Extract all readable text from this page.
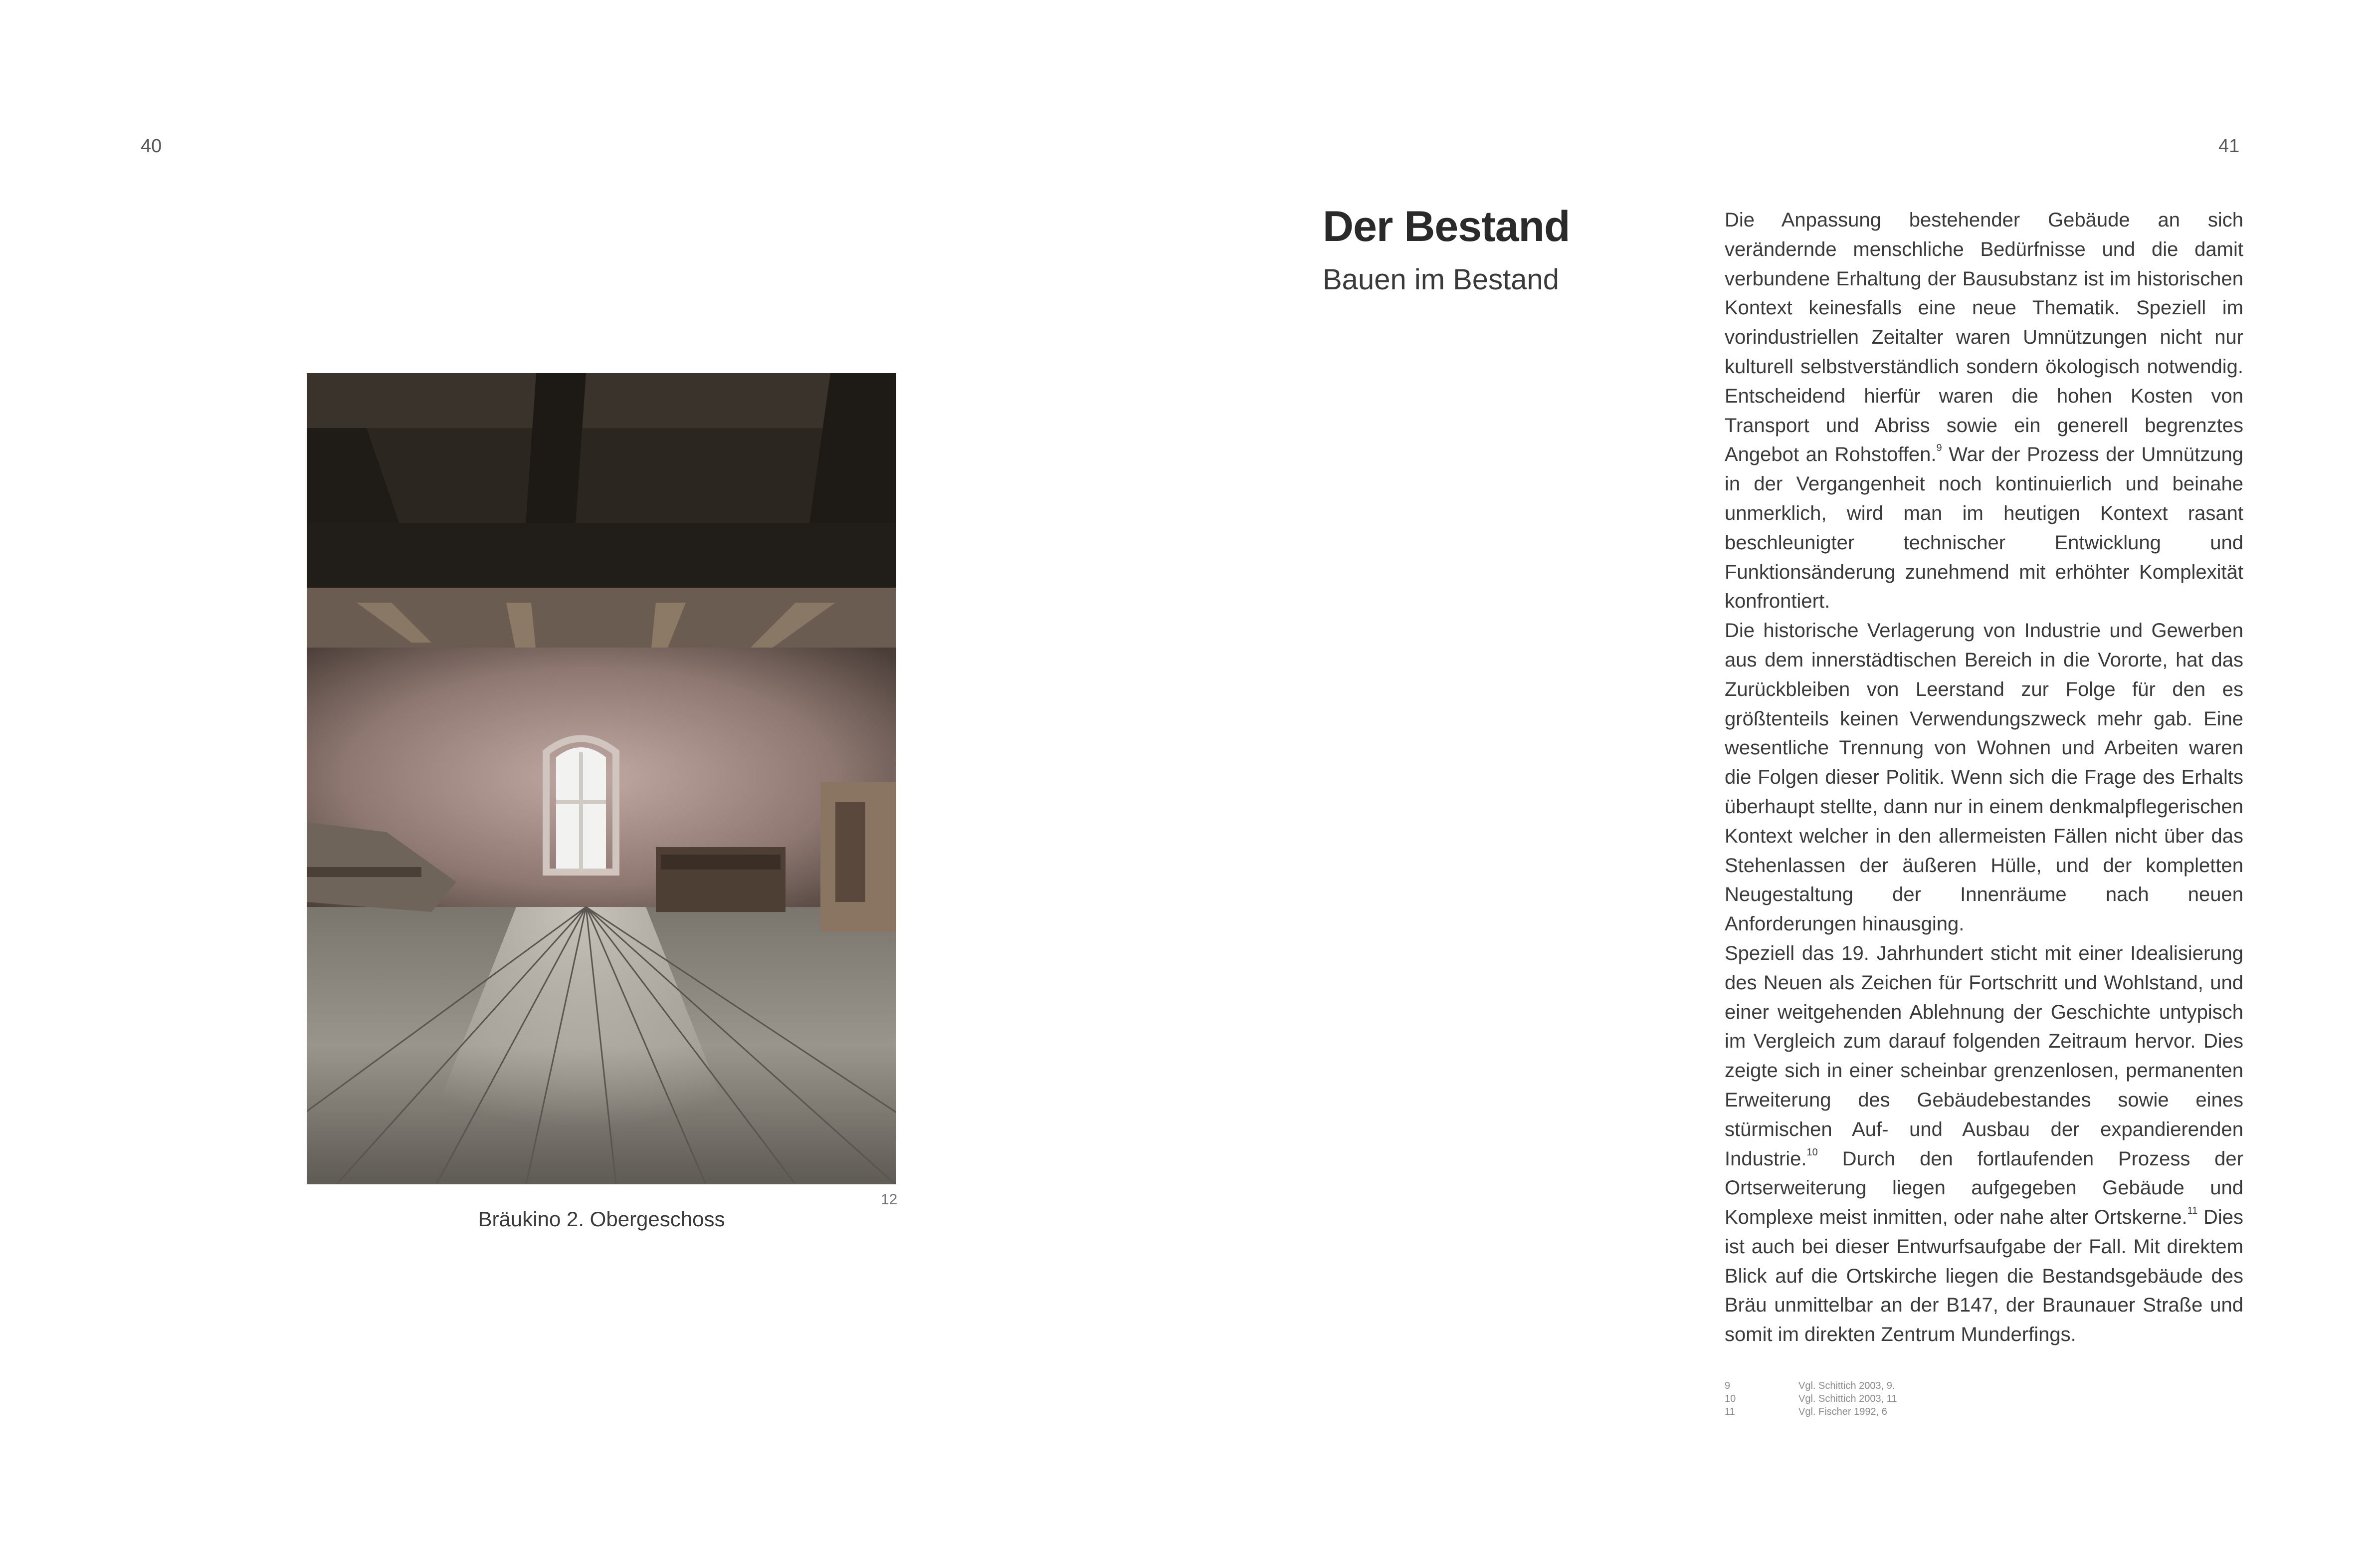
40	41
12
Bräukino 2. Obergeschoss
Der Bestand
Bauen im Bestand

Die Anpassung bestehender Gebäude an sich verändernde menschliche Bedürfnisse und die damit verbundene Erhaltung der Bausubstanz ist im historischen Kontext keinesfalls eine neue Thematik. Speziell im vorindustriellen Zeitalter waren Umnützungen nicht nur kulturell selbstverständlich sondern ökologisch notwendig. Entscheidend hierfür waren die hohen Kosten von Transport und Abriss sowie ein generell begrenztes Angebot an Rohstoffen.$^9$ War der Prozess der Umnützung in der Vergangenheit noch kontinuierlich und beinahe unmerklich, wird man im heutigen Kontext rasant beschleunigter technischer Entwicklung und Funktionsänderung zunehmend mit erhöhter Komplexität konfrontiert.

Die historische Verlagerung von Industrie und Gewerben aus dem innerstädtischen Bereich in die Vororte, hat das Zurückbleiben von Leerstand zur Folge für den es größtenteils keinen Verwendungszweck mehr gab. Eine wesentliche Trennung von Wohnen und Arbeiten waren die Folgen dieser Politik. Wenn sich die Frage des Erhalts überhaupt stellte, dann nur in einem denkmalpflegerischen Kontext welcher in den allermeisten Fällen nicht über das Stehenlassen der äußeren Hülle, und der kompletten Neugestaltung der Innenräume nach neuen Anforderungen hinausging.

Speziell das 19. Jahrhundert sticht mit einer Idealisierung des Neuen als Zeichen für Fortschritt und Wohlstand, und einer weitgehenden Ablehnung der Geschichte untypisch im Vergleich zum darauf folgenden Zeitraum hervor. Dies zeigte sich in einer scheinbar grenzenlosen, permanenten Erweiterung des Gebäudebestandes sowie eines stürmischen Auf- und Ausbau der expandierenden Industrie.$^{10}$ Durch den fortlaufenden Prozess der Ortserweiterung liegen aufgegeben Gebäude und Komplexe meist inmitten, oder nahe alter Ortskerne.$^{11}$ Dies ist auch bei dieser Entwurfsaufgabe der Fall. Mit direktem Blick auf die Ortskirche liegen die Bestandsgebäude des Bräu unmittelbar an der B147, der Braunauer Straße und somit im direkten Zentrum Munderfings.

9	Vgl. Schittich 2003, 9.
10	Vgl. Schittich 2003, 11
11	Vgl. Fischer 1992, 6
